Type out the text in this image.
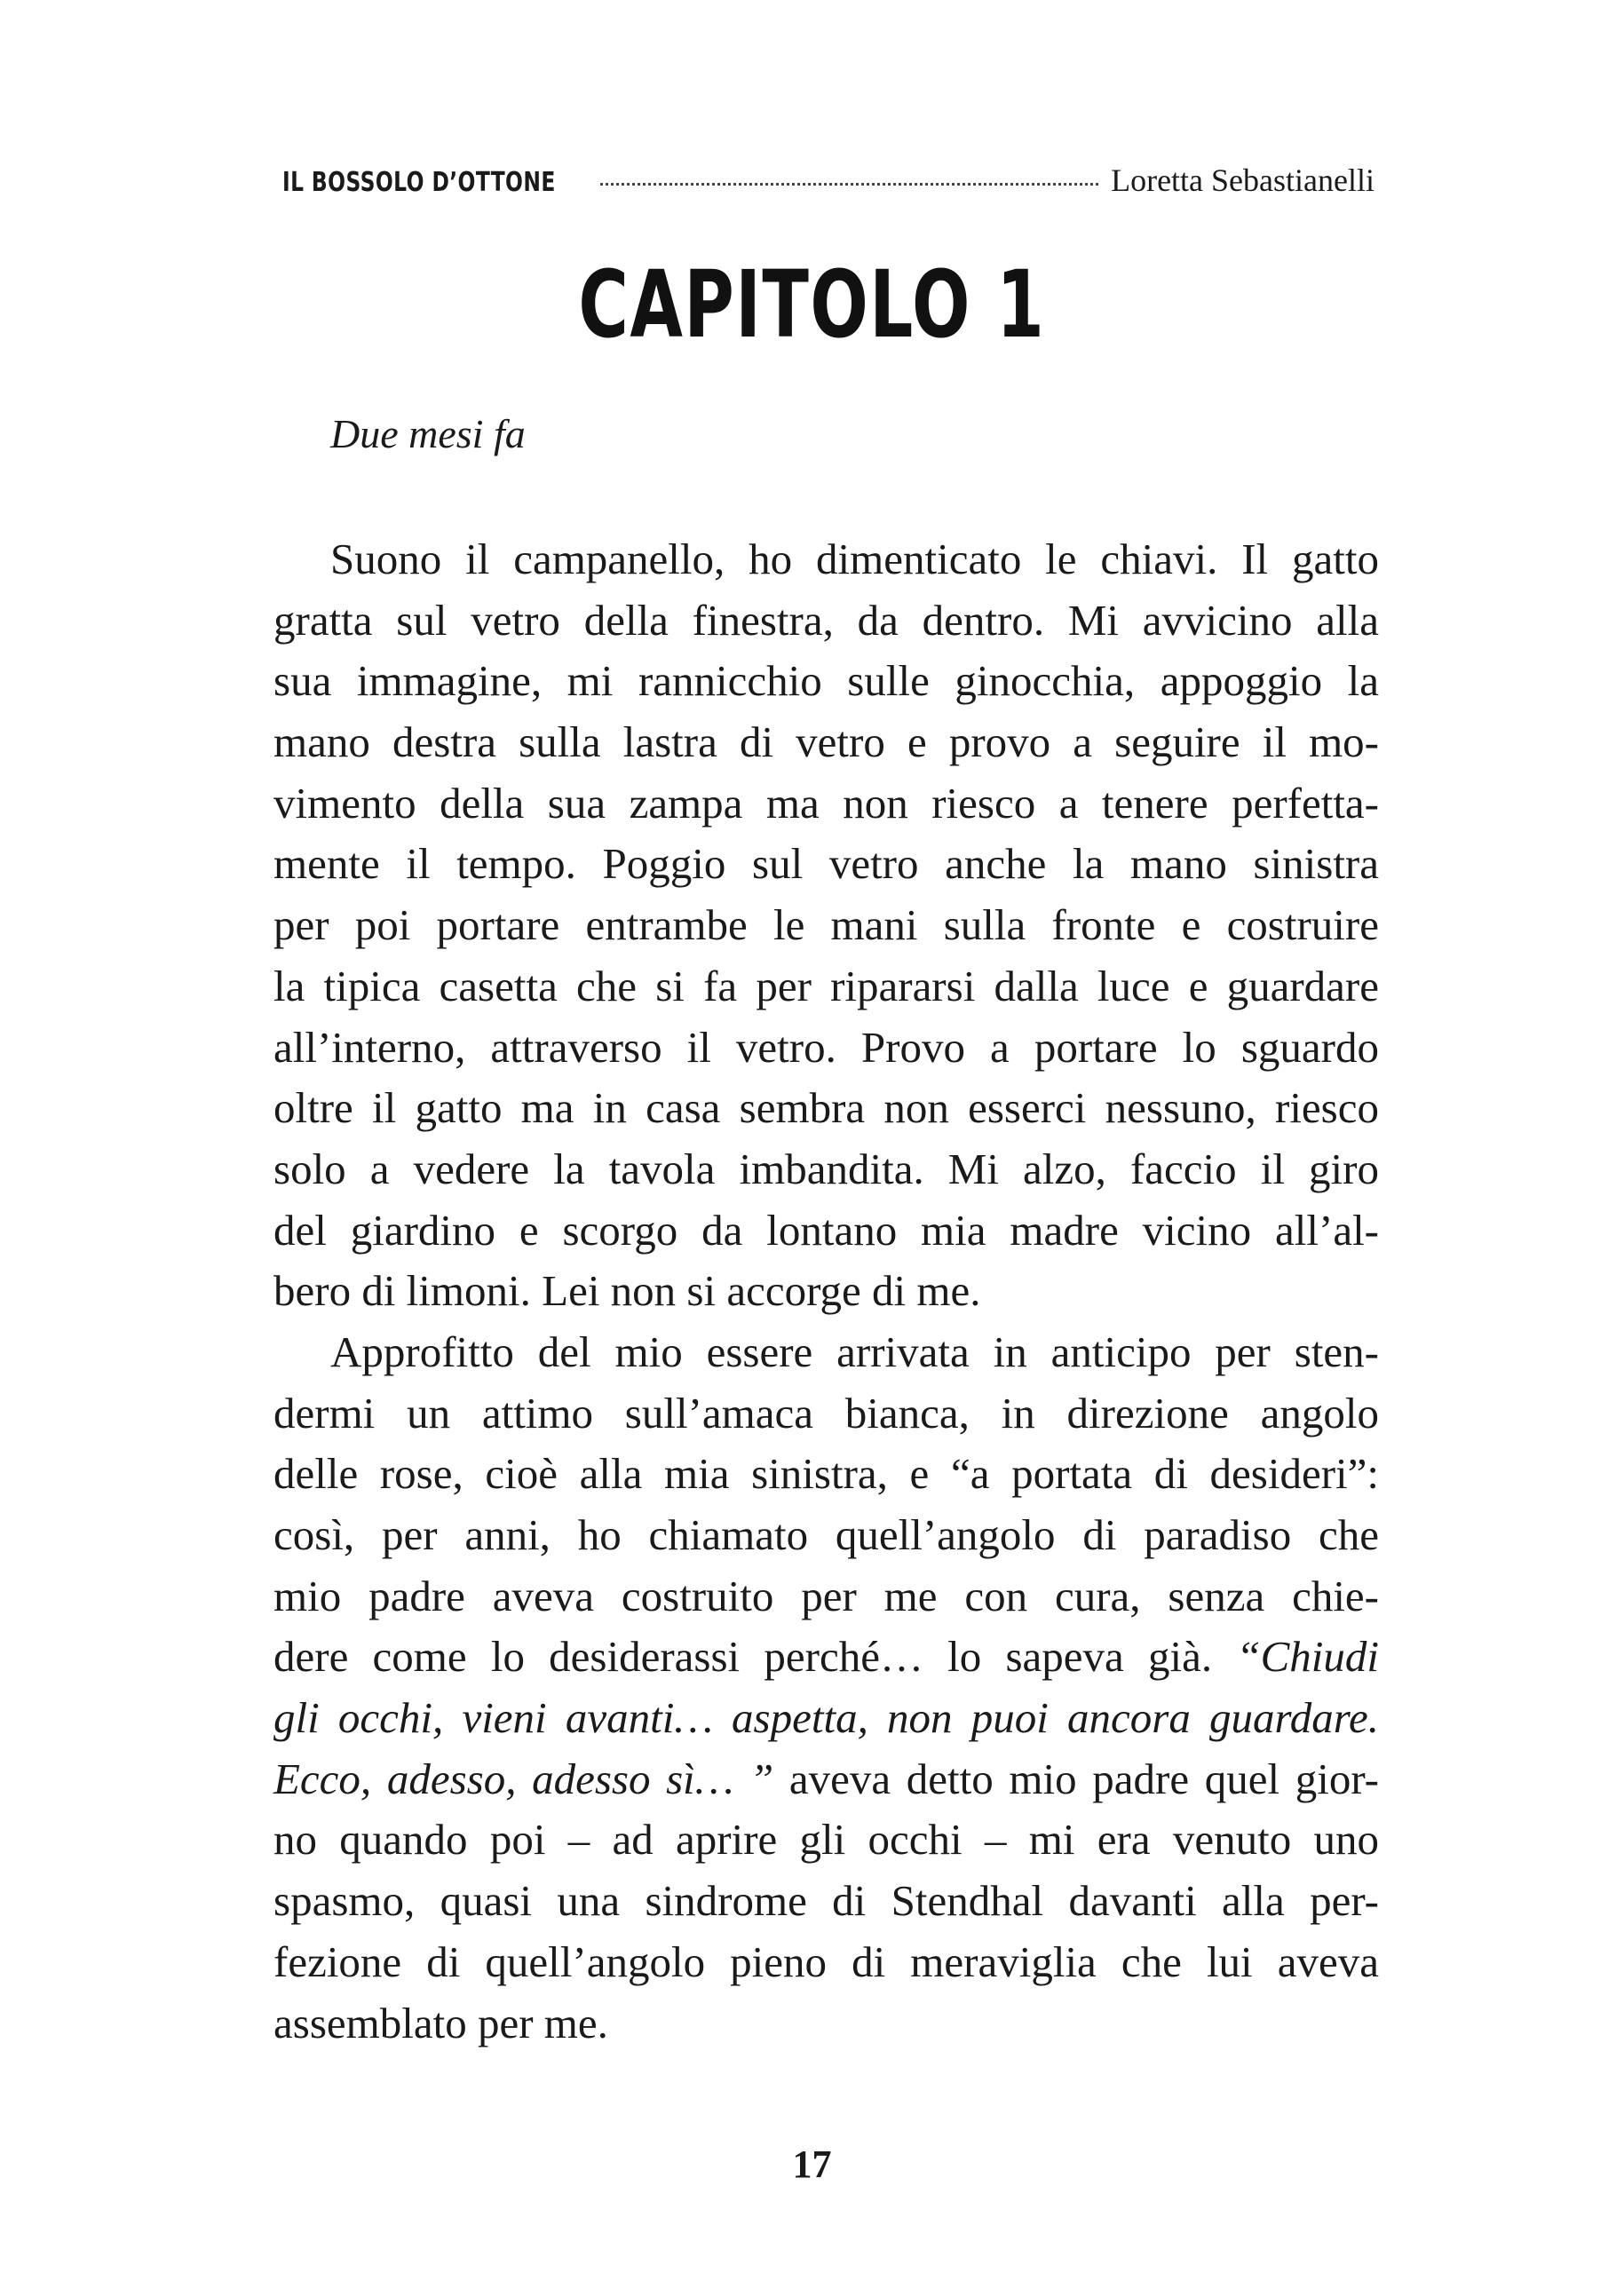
IL BOSSOLO D’OTTONE	Loretta Sebastianelli
CAPITOLO 1
Due mesi fa
Suono il campanello, ho dimenticato le chiavi. Il gatto
gratta sul vetro della finestra, da dentro. Mi avvicino alla
sua immagine, mi rannicchio sulle ginocchia, appoggio la
mano destra sulla lastra di vetro e provo a seguire il mo-
vimento della sua zampa ma non riesco a tenere perfetta-
mente il tempo. Poggio sul vetro anche la mano sinistra
per poi portare entrambe le mani sulla fronte e costruire
la tipica casetta che si fa per ripararsi dalla luce e guardare
all’interno, attraverso il vetro. Provo a portare lo sguardo
oltre il gatto ma in casa sembra non esserci nessuno, riesco
solo a vedere la tavola imbandita. Mi alzo, faccio il giro
del giardino e scorgo da lontano mia madre vicino all’al-
bero di limoni. Lei non si accorge di me.
Approfitto del mio essere arrivata in anticipo per sten-
dermi un attimo sull’amaca bianca, in direzione angolo
delle rose, cioè alla mia sinistra, e “a portata di desideri”:
così, per anni, ho chiamato quell’angolo di paradiso che
mio padre aveva costruito per me con cura, senza chie-
dere come lo desiderassi perché… lo sapeva già. “Chiudi
gli occhi, vieni avanti… aspetta, non puoi ancora guardare.
Ecco, adesso, adesso sì… ” aveva detto mio padre quel gior-
no quando poi – ad aprire gli occhi – mi era venuto uno
spasmo, quasi una sindrome di Stendhal davanti alla per-
fezione di quell’angolo pieno di meraviglia che lui aveva
assemblato per me.
17
